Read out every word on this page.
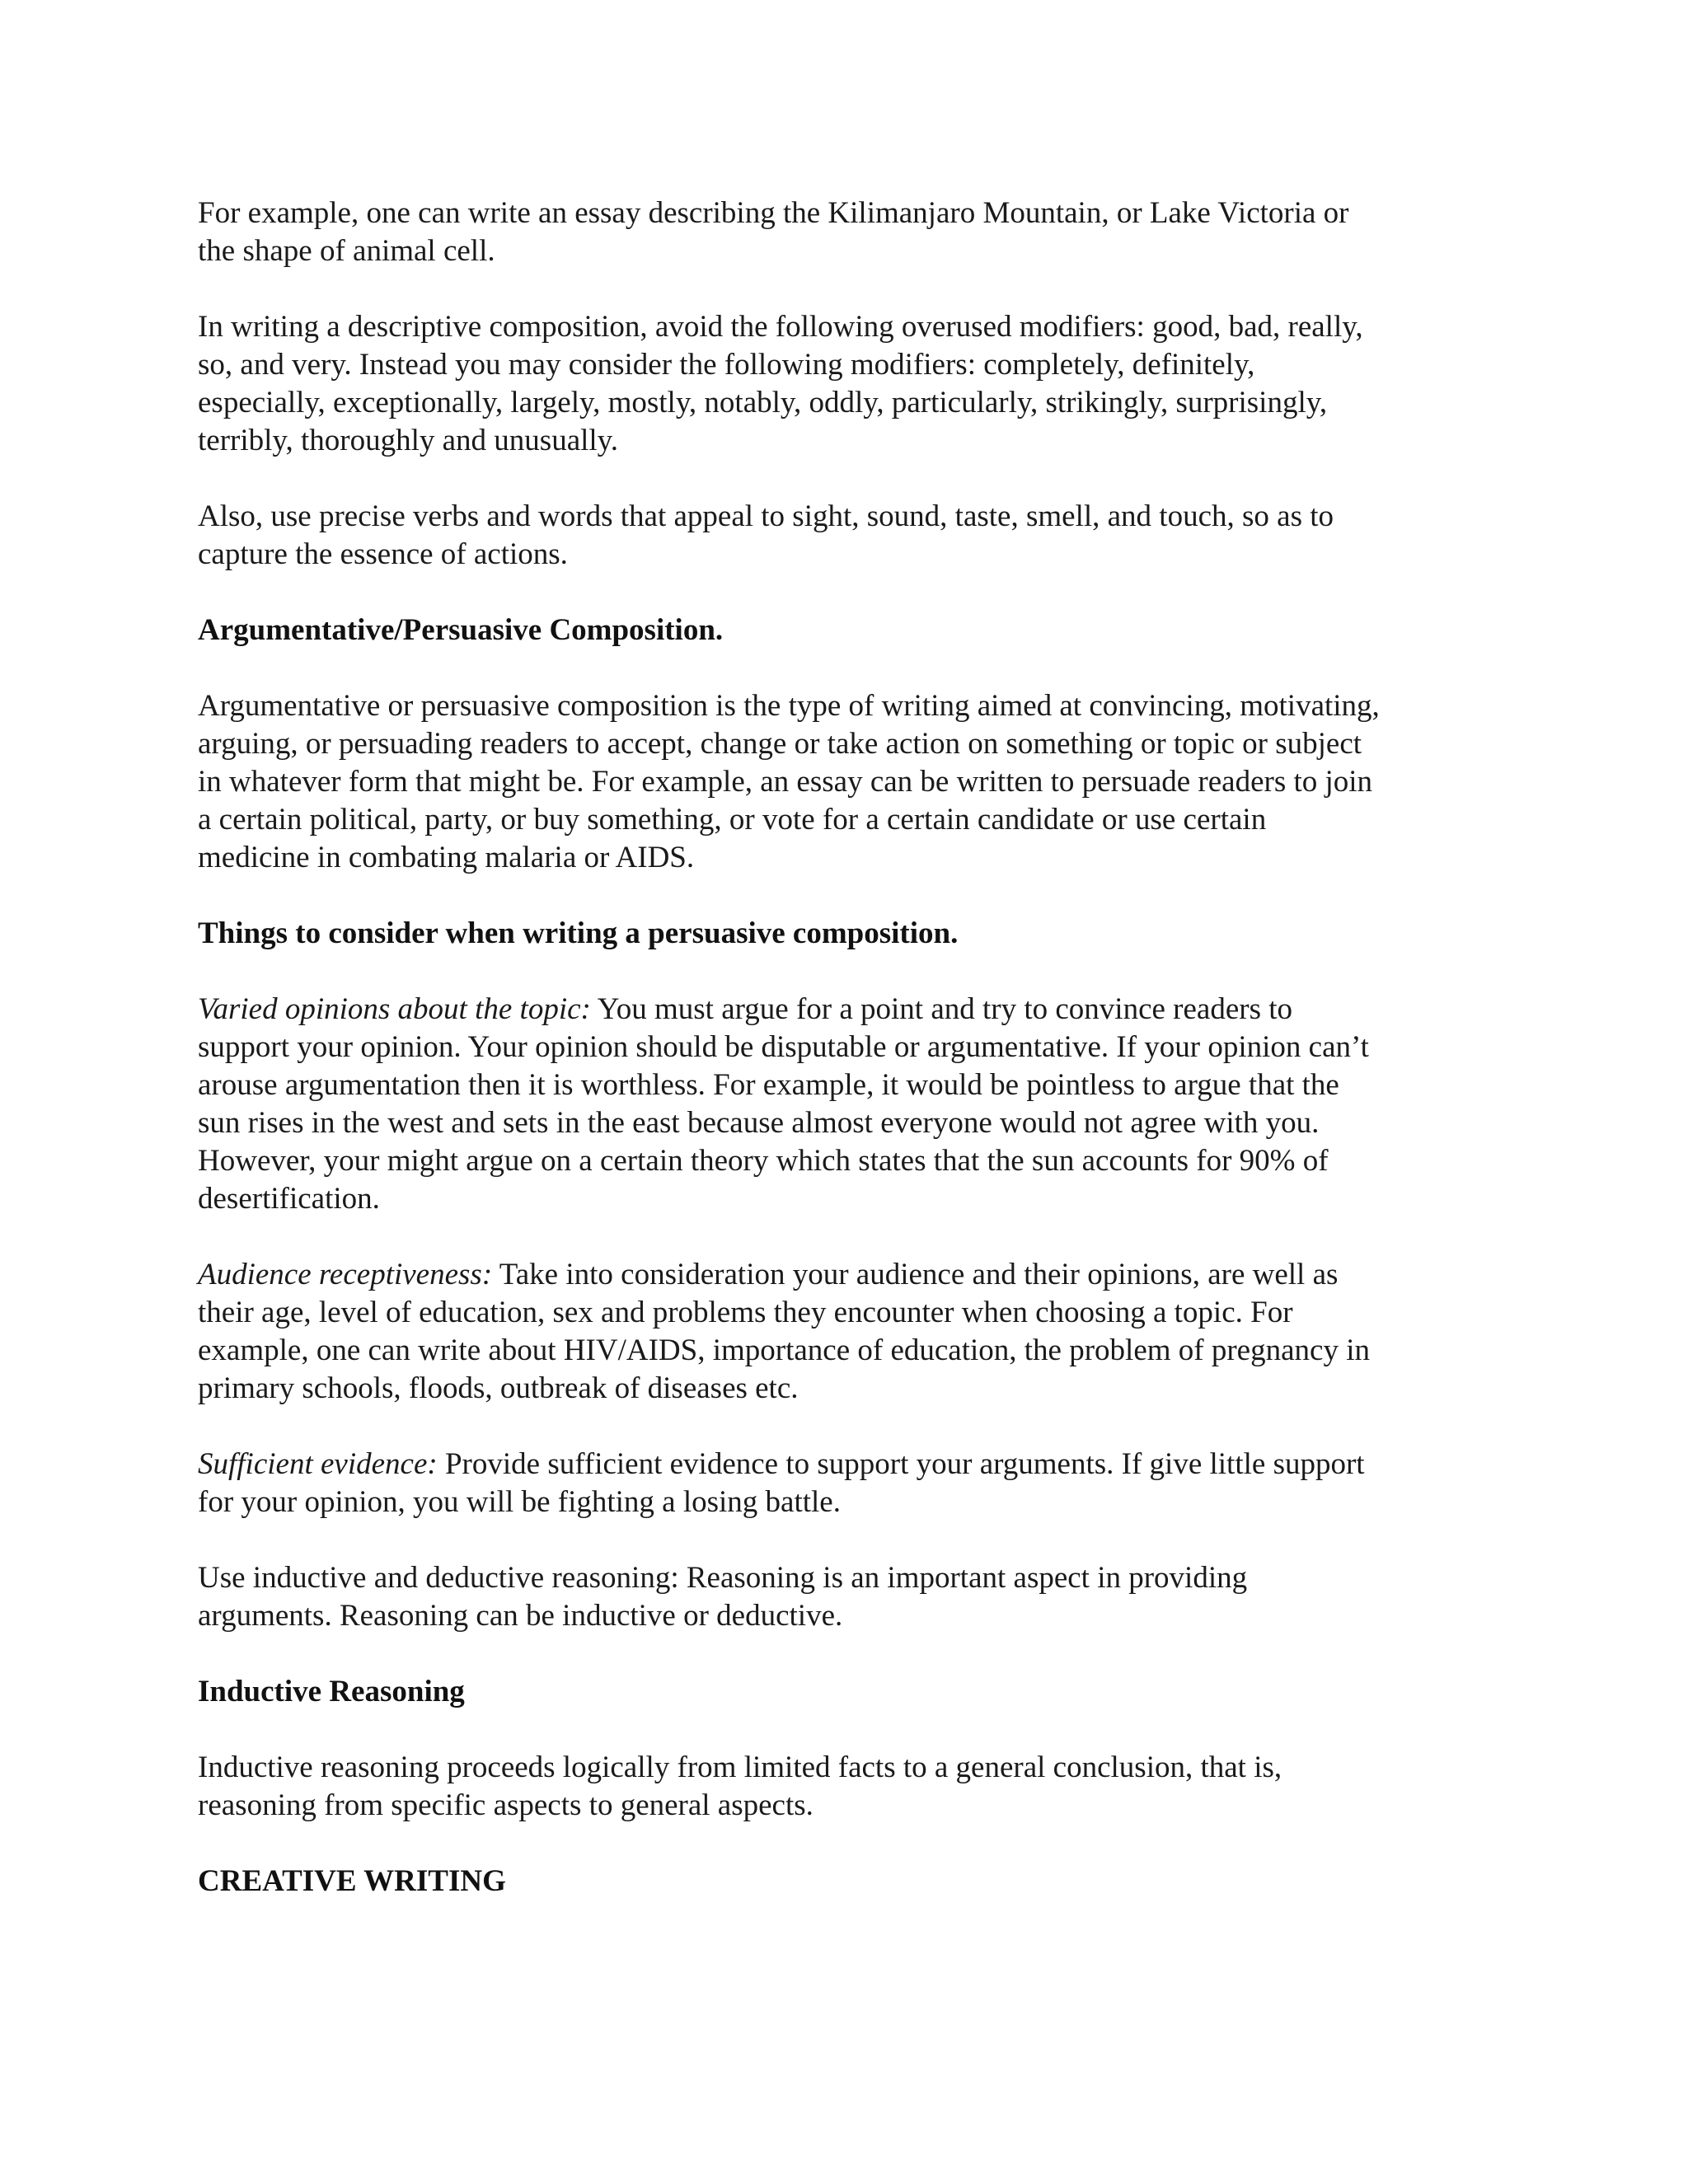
For example, one can write an essay describing the Kilimanjaro Mountain, or Lake Victoria or
the shape of animal cell.

In writing a descriptive composition, avoid the following overused modifiers: good, bad, really,
so, and very. Instead you may consider the following modifiers: completely, definitely,
especially, exceptionally, largely, mostly, notably, oddly, particularly, strikingly, surprisingly,
terribly, thoroughly and unusually.

Also, use precise verbs and words that appeal to sight, sound, taste, smell, and touch, so as to
capture the essence of actions.

Argumentative/Persuasive Composition.

Argumentative or persuasive composition is the type of writing aimed at convincing, motivating,
arguing, or persuading readers to accept, change or take action on something or topic or subject
in whatever form that might be. For example, an essay can be written to persuade readers to join
a certain political, party, or buy something, or vote for a certain candidate or use certain
medicine in combating malaria or AIDS.

Things to consider when writing a persuasive composition.

Varied opinions about the topic: You must argue for a point and try to convince readers to
support your opinion. Your opinion should be disputable or argumentative. If your opinion can’t
arouse argumentation then it is worthless. For example, it would be pointless to argue that the
sun rises in the west and sets in the east because almost everyone would not agree with you.
However, your might argue on a certain theory which states that the sun accounts for 90% of
desertification.

Audience receptiveness: Take into consideration your audience and their opinions, are well as
their age, level of education, sex and problems they encounter when choosing a topic. For
example, one can write about HIV/AIDS, importance of education, the problem of pregnancy in
primary schools, floods, outbreak of diseases etc.

Sufficient evidence: Provide sufficient evidence to support your arguments. If give little support
for your opinion, you will be fighting a losing battle.

Use inductive and deductive reasoning: Reasoning is an important aspect in providing
arguments. Reasoning can be inductive or deductive.

Inductive Reasoning

Inductive reasoning proceeds logically from limited facts to a general conclusion, that is,
reasoning from specific aspects to general aspects.

CREATIVE WRITING
